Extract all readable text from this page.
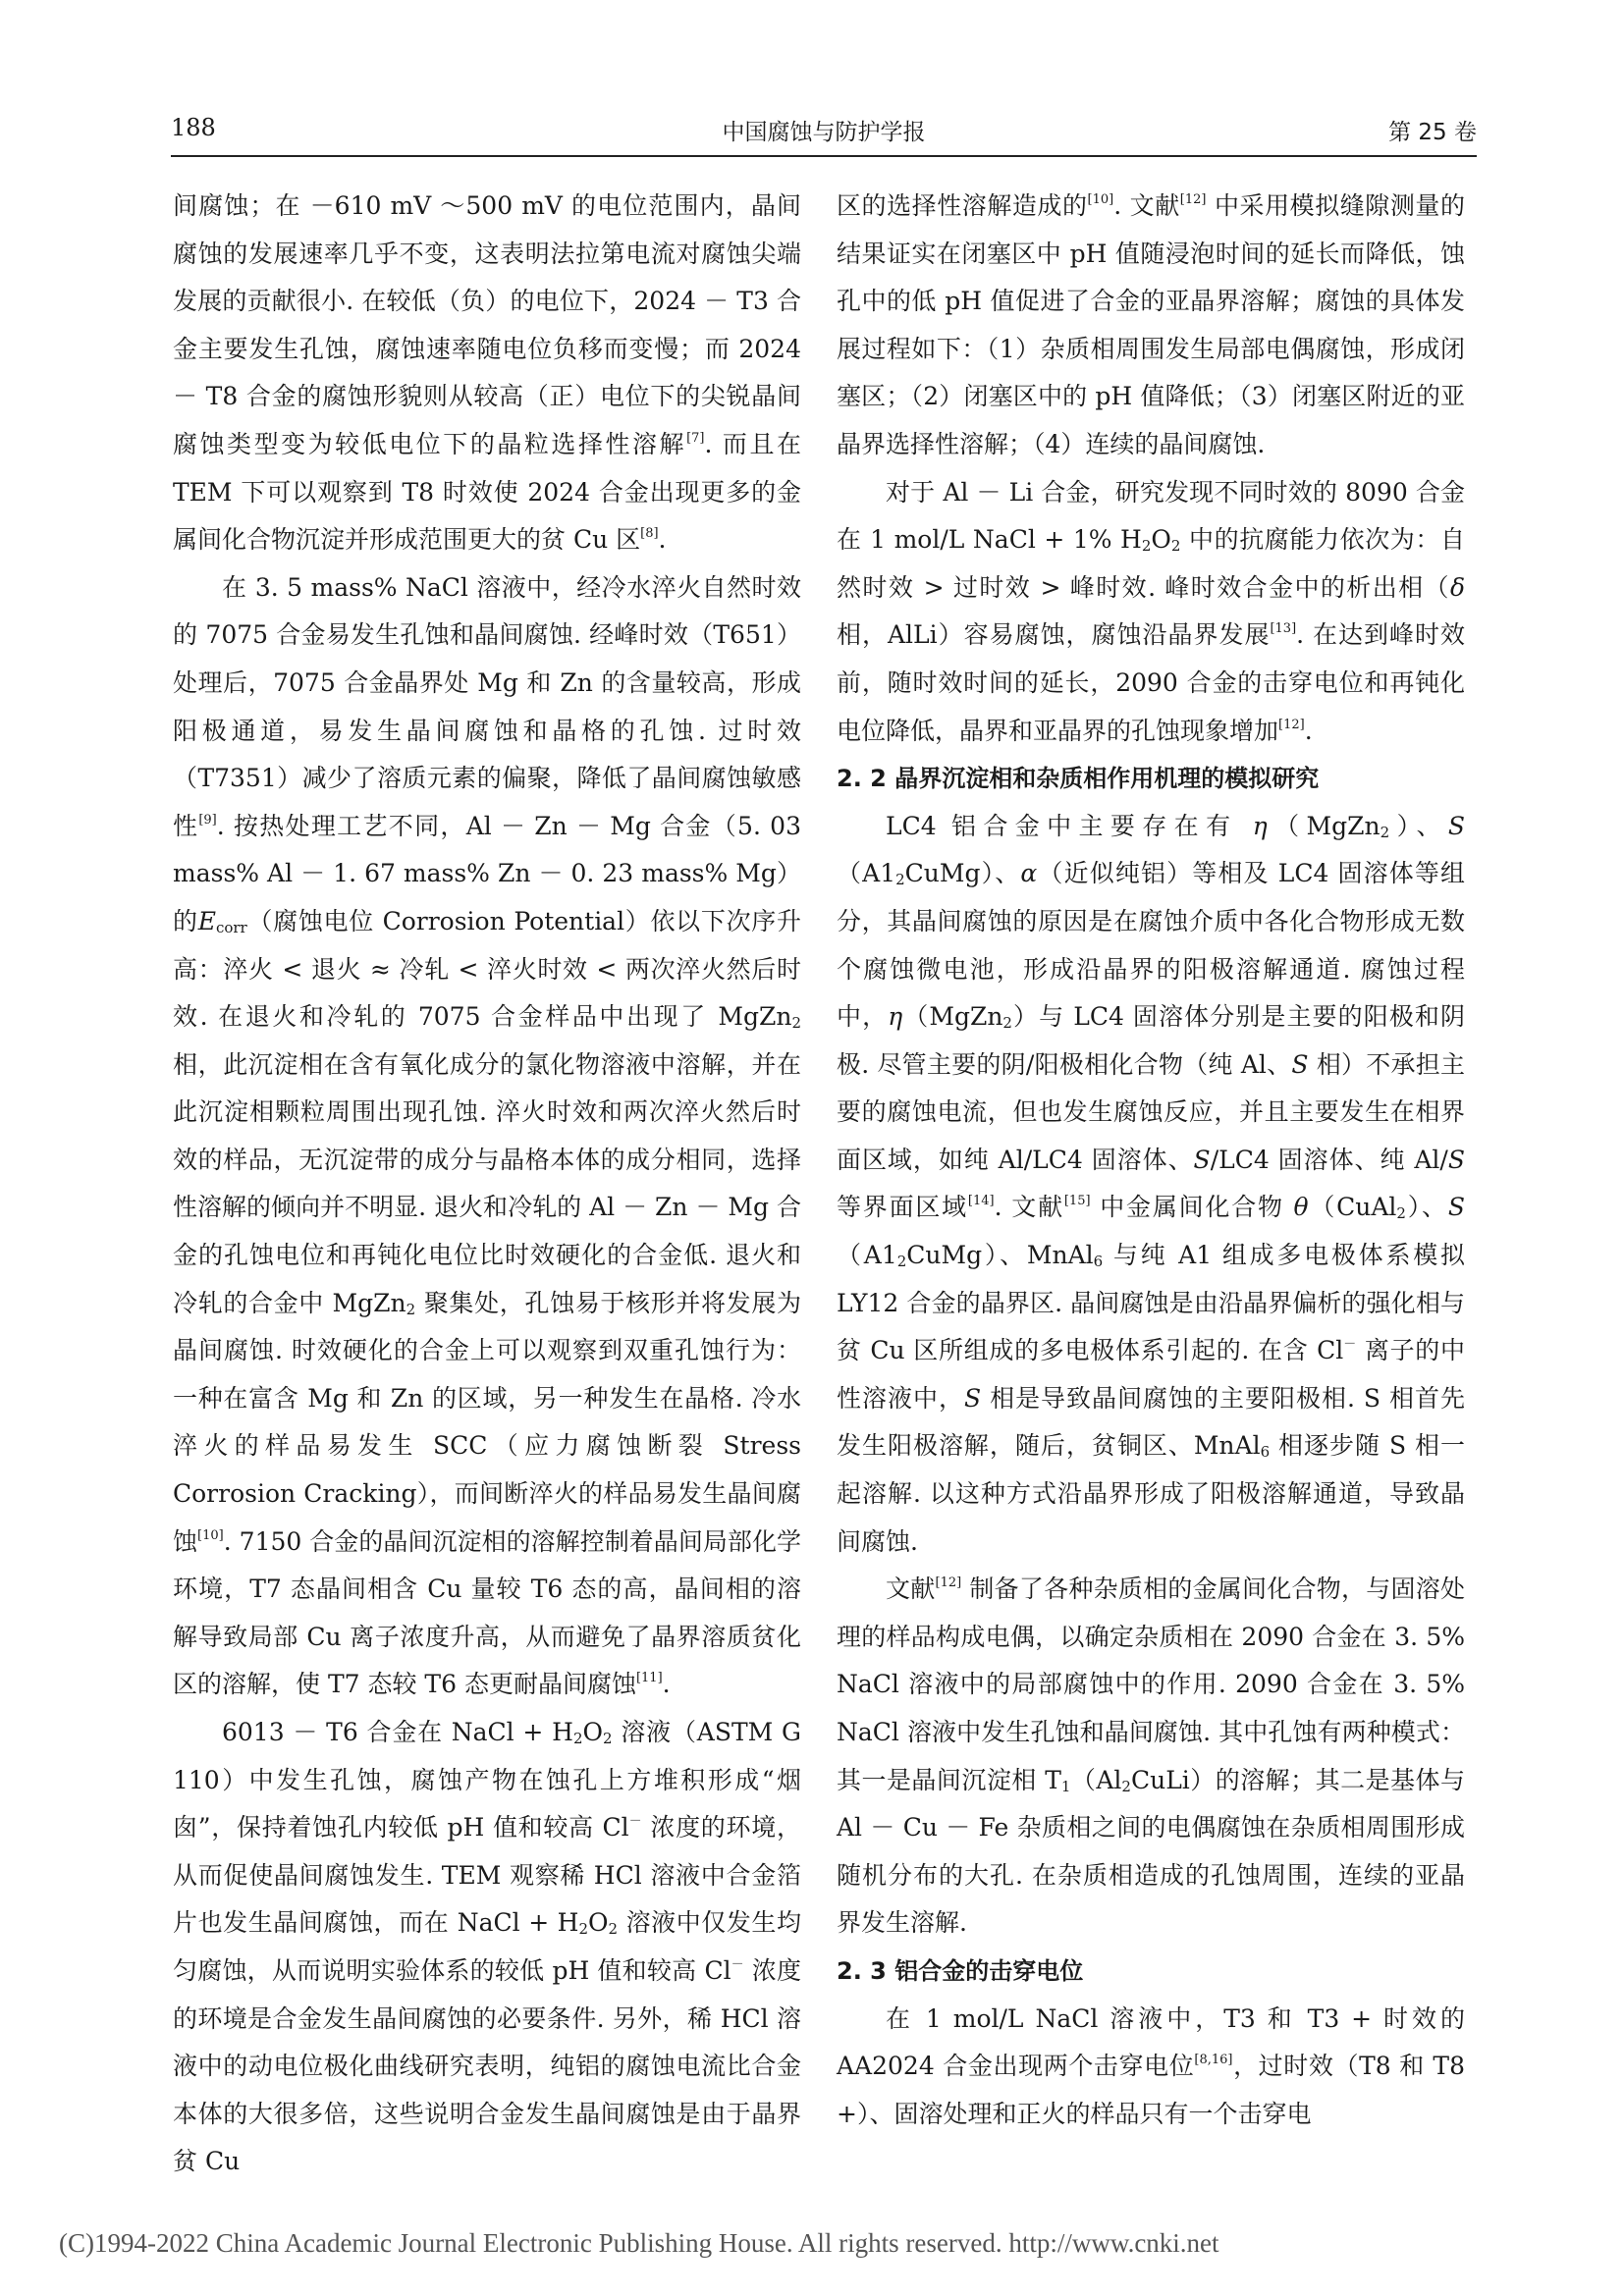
188	中国腐蚀与防护学报	第 25 卷

间腐蚀；在 －610 mV ～500 mV 的电位范围内，晶间腐蚀的发展速率几乎不变，这表明法拉第电流对腐蚀尖端发展的贡献很小. 在较低（负）的电位下，2024 － T3 合金主要发生孔蚀，腐蚀速率随电位负移而变慢；而 2024 － T8 合金的腐蚀形貌则从较高（正）电位下的尖锐晶间腐蚀类型变为较低电位下的晶粒选择性溶解[7]. 而且在 TEM 下可以观察到 T8 时效使 2024 合金出现更多的金属间化合物沉淀并形成范围更大的贫 Cu 区[8].

在 3. 5 mass% NaCl 溶液中，经冷水淬火自然时效的 7075 合金易发生孔蚀和晶间腐蚀. 经峰时效（T651）处理后，7075 合金晶界处 Mg 和 Zn 的含量较高，形成阳极通道，易发生晶间腐蚀和晶格的孔蚀. 过时效（T7351）减少了溶质元素的偏聚，降低了晶间腐蚀敏感性[9]. 按热处理工艺不同，Al － Zn － Mg 合金（5. 03 mass% Al － 1. 67 mass% Zn － 0. 23 mass% Mg）的$E_{corr}$（腐蚀电位 Corrosion Potential）依以下次序升高：淬火 < 退火 ≈ 冷轧 < 淬火时效 < 两次淬火然后时效. 在退火和冷轧的 7075 合金样品中出现了 MgZn$_2$ 相，此沉淀相在含有氧化成分的氯化物溶液中溶解，并在此沉淀相颗粒周围出现孔蚀. 淬火时效和两次淬火然后时效的样品，无沉淀带的成分与晶格本体的成分相同，选择性溶解的倾向并不明显. 退火和冷轧的 Al － Zn － Mg 合金的孔蚀电位和再钝化电位比时效硬化的合金低. 退火和冷轧的合金中 MgZn$_2$ 聚集处，孔蚀易于核形并将发展为晶间腐蚀. 时效硬化的合金上可以观察到双重孔蚀行为：一种在富含 Mg 和 Zn 的区域，另一种发生在晶格. 冷水淬火的样品易发生 SCC（应力腐蚀断裂 Stress Corrosion Cracking），而间断淬火的样品易发生晶间腐蚀[10]. 7150 合金的晶间沉淀相的溶解控制着晶间局部化学环境，T7 态晶间相含 Cu 量较 T6 态的高，晶间相的溶解导致局部 Cu 离子浓度升高，从而避免了晶界溶质贫化区的溶解，使 T7 态较 T6 态更耐晶间腐蚀[11].

6013 － T6 合金在 NaCl + $H_2O_2$ 溶液（ASTM G 110）中发生孔蚀，腐蚀产物在蚀孔上方堆积形成“烟囱”，保持着蚀孔内较低 pH 值和较高 Cl－ 浓度的环境，从而促使晶间腐蚀发生. TEM 观察稀 HCl 溶液中合金箔片也发生晶间腐蚀，而在 NaCl + $H_2O_2$ 溶液中仅发生均匀腐蚀，从而说明实验体系的较低 pH 值和较高 Cl－ 浓度的环境是合金发生晶间腐蚀的必要条件. 另外，稀 HCl 溶液中的动电位极化曲线研究表明，纯铝的腐蚀电流比合金本体的大很多倍，这些说明合金发生晶间腐蚀是由于晶界贫 Cu

区的选择性溶解造成的[10]. 文献[12] 中采用模拟缝隙测量的结果证实在闭塞区中 pH 值随浸泡时间的延长而降低，蚀孔中的低 pH 值促进了合金的亚晶界溶解；腐蚀的具体发展过程如下：（1）杂质相周围发生局部电偶腐蚀，形成闭塞区；（2）闭塞区中的 pH 值降低；（3）闭塞区附近的亚晶界选择性溶解；（4）连续的晶间腐蚀.

对于 Al － Li 合金，研究发现不同时效的 8090 合金在 1 mol/L NaCl + 1% $H_2O_2$ 中的抗腐能力依次为：自然时效 > 过时效 > 峰时效. 峰时效合金中的析出相（δ 相，AlLi）容易腐蚀，腐蚀沿晶界发展[13]. 在达到峰时效前，随时效时间的延长，2090 合金的击穿电位和再钝化电位降低，晶界和亚晶界的孔蚀现象增加[12].

2. 2 晶界沉淀相和杂质相作用机理的模拟研究

LC4 铝合金中主要存在有 η（MgZn$_2$）、$S(A1_2CuMg)$、α（近似纯铝）等相及 LC4 固溶体等组分，其晶间腐蚀的原因是在腐蚀介质中各化合物形成无数个腐蚀微电池，形成沿晶界的阳极溶解通道. 腐蚀过程中，η（MgZn$_2$）与 LC4 固溶体分别是主要的阳极和阴极. 尽管主要的阴/阳极相化合物（纯 Al、S 相）不承担主要的腐蚀电流，但也发生腐蚀反应，并且主要发生在相界面区域，如纯 Al/LC4 固溶体、S/LC4 固溶体、纯 Al/S 等界面区域[14]. 文献[15] 中金属间化合物 θ（CuAl$_2$）、$S(A1_2CuMg)$、MnAl$_6$ 与纯 A1 组成多电极体系模拟 LY12 合金的晶界区. 晶间腐蚀是由沿晶界偏析的强化相与贫 Cu 区所组成的多电极体系引起的. 在含 Cl－ 离子的中性溶液中，S 相是导致晶间腐蚀的主要阳极相. S 相首先发生阳极溶解，随后，贫铜区、MnAl$_6$ 相逐步随 S 相一起溶解. 以这种方式沿晶界形成了阳极溶解通道，导致晶间腐蚀.

文献[12] 制备了各种杂质相的金属间化合物，与固溶处理的样品构成电偶，以确定杂质相在 2090 合金在 3. 5% NaCl 溶液中的局部腐蚀中的作用. 2090 合金在 3. 5% NaCl 溶液中发生孔蚀和晶间腐蚀. 其中孔蚀有两种模式：其一是晶间沉淀相 $T_1(Al_2CuLi)$的溶解；其二是基体与 Al － Cu － Fe 杂质相之间的电偶腐蚀在杂质相周围形成随机分布的大孔. 在杂质相造成的孔蚀周围，连续的亚晶界发生溶解.

2. 3 铝合金的击穿电位

在 1 mol/L NaCl 溶液中，T3 和 T3 + 时效的 AA2024 合金出现两个击穿电位[8,16]，过时效（T8 和 T8 +）、固溶处理和正火的样品只有一个击穿电

(C)1994-2022 China Academic Journal Electronic Publishing House. All rights reserved. http://www.cnki.net
